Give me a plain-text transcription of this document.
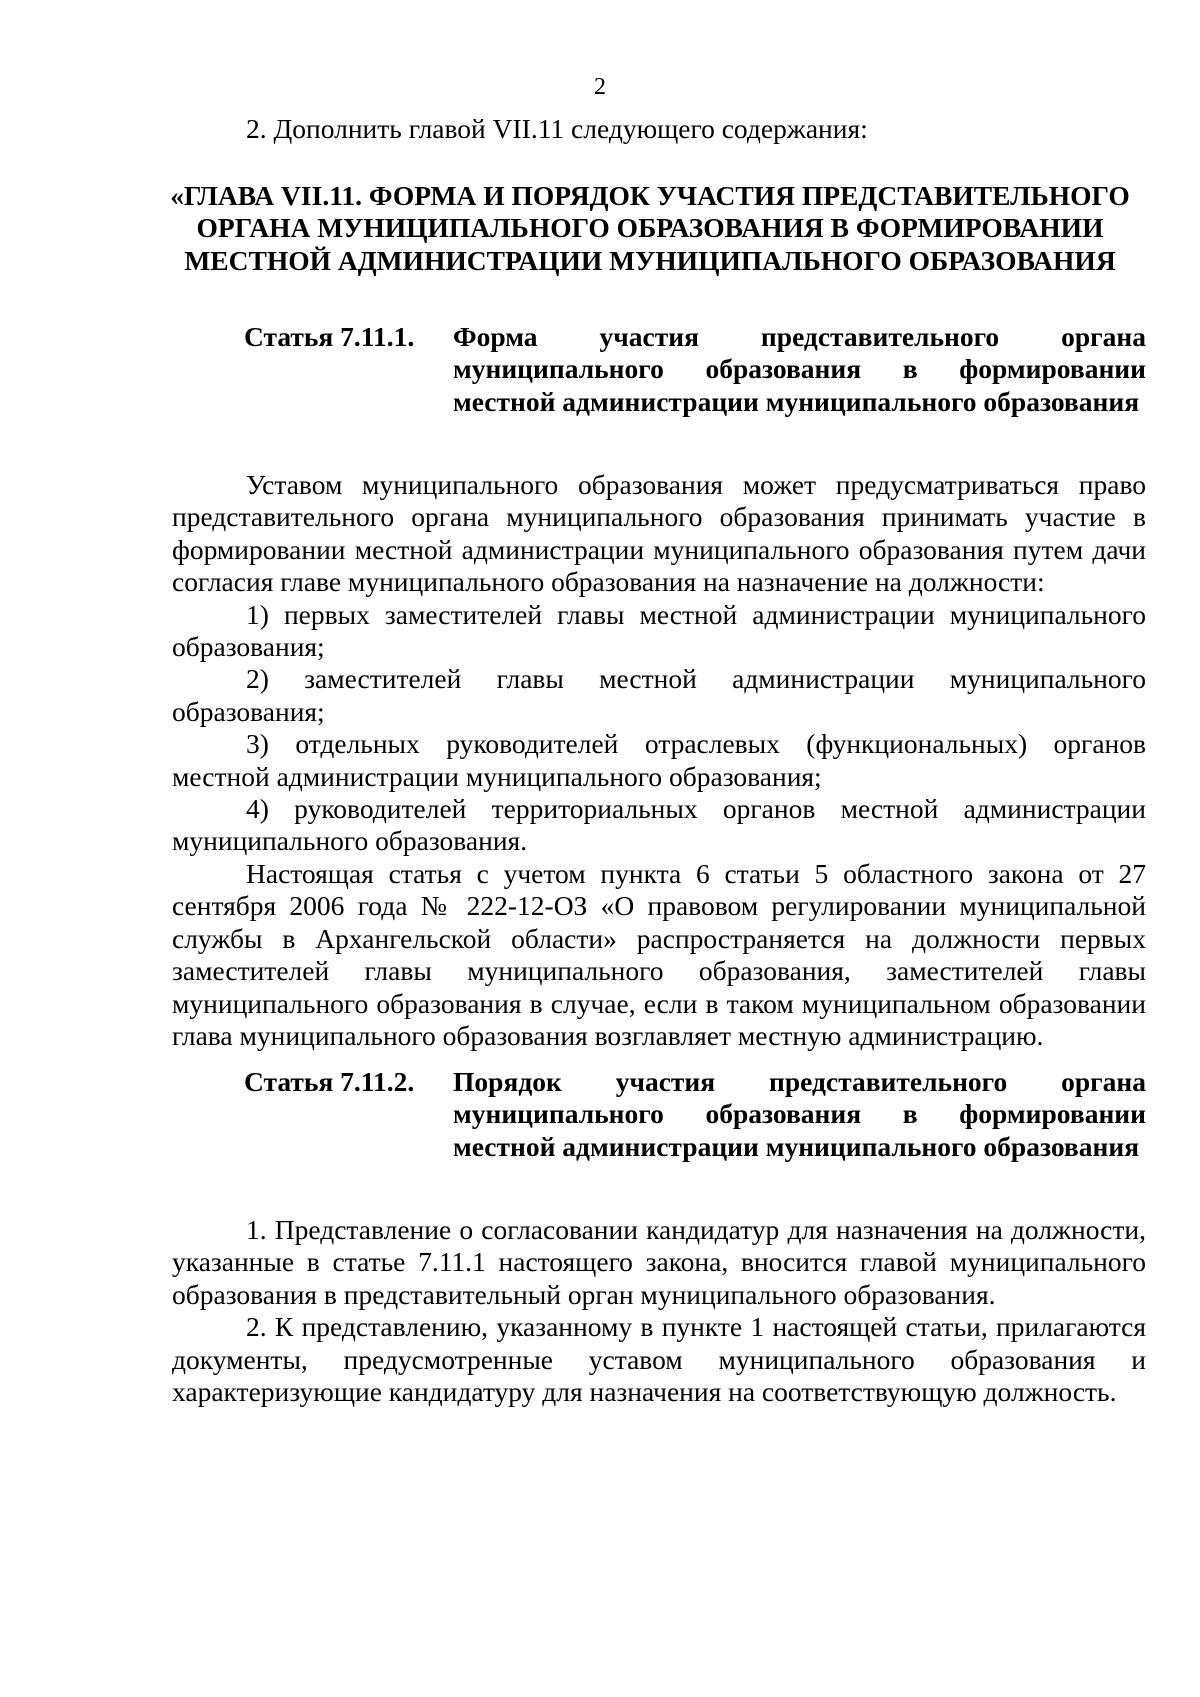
2

2. Дополнить главой VII.11 следующего содержания:

«ГЛАВА VII.11. ФОРМА И ПОРЯДОК УЧАСТИЯ ПРЕДСТАВИТЕЛЬНОГО ОРГАНА МУНИЦИПАЛЬНОГО ОБРАЗОВАНИЯ В ФОРМИРОВАНИИ МЕСТНОЙ АДМИНИСТРАЦИИ МУНИЦИПАЛЬНОГО ОБРАЗОВАНИЯ
Статья 7.11.1. Форма участия представительного органа муниципального образования в формировании местной администрации муниципального образования

Уставом муниципального образования может предусматриваться право представительного органа муниципального образования принимать участие в формировании местной администрации муниципального образования путем дачи согласия главе муниципального образования на назначение на должности:

1) первых заместителей главы местной администрации муниципального образования;

2) заместителей главы местной администрации муниципального образования;

3) отдельных руководителей отраслевых (функциональных) органов местной администрации муниципального образования;

4) руководителей территориальных органов местной администрации муниципального образования.

Настоящая статья с учетом пункта 6 статьи 5 областного закона от 27 сентября 2006 года № 222-12-ОЗ «О правовом регулировании муниципальной службы в Архангельской области» распространяется на должности первых заместителей главы муниципального образования, заместителей главы муниципального образования в случае, если в таком муниципальном образовании глава муниципального образования возглавляет местную администрацию.

Статья 7.11.2. Порядок участия представительного органа муниципального образования в формировании местной администрации муниципального образования

1. Представление о согласовании кандидатур для назначения на должности, указанные в статье 7.11.1 настоящего закона, вносится главой муниципального образования в представительный орган муниципального образования.

2. К представлению, указанному в пункте 1 настоящей статьи, прилагаются документы, предусмотренные уставом муниципального образования и характеризующие кандидатуру для назначения на соответствующую должность.
